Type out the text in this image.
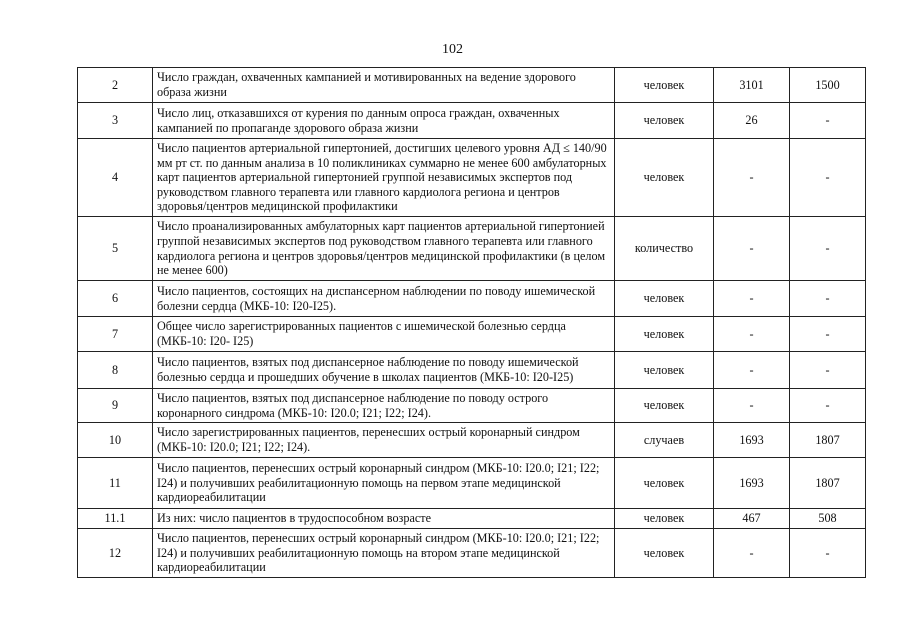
102
2	Число граждан, охваченных кампанией и мотивированных на ведение здорового образа жизни	человек	3101	1500
3	Число лиц, отказавшихся от курения по данным опроса граждан, охваченных кампанией по пропаганде здорового образа жизни	человек	26	-
4	Число пациентов артериальной гипертонией, достигших целевого уровня АД ≤ 140/90 мм рт ст. по данным анализа в 10 поликлиниках суммарно не менее 600 амбулаторных карт пациентов артериальной гипертонией группой независимых экспертов под руководством главного терапевта или главного кардиолога региона и центров здоровья/центров медицинской профилактики	человек	-	-
5	Число проанализированных амбулаторных карт пациентов артериальной гипертонией группой независимых экспертов под руководством главного терапевта или главного кардиолога региона и центров здоровья/центров медицинской профилактики (в целом не менее 600)	количество	-	-
6	Число пациентов, состоящих на диспансерном наблюдении по поводу ишемической болезни сердца (МКБ-10: I20-I25).	человек	-	-
7	Общее число зарегистрированных пациентов с ишемической болезнью сердца (МКБ-10: I20- I25)	человек	-	-
8	Число пациентов, взятых под диспансерное наблюдение по поводу ишемической болезнью сердца и прошедших обучение в школах пациентов (МКБ-10: I20-I25)	человек	-	-
9	Число пациентов, взятых под диспансерное наблюдение по поводу острого коронарного синдрома (МКБ-10: I20.0; I21; I22; I24).	человек	-	-
10	Число зарегистрированных пациентов, перенесших острый коронарный синдром (МКБ-10: I20.0; I21; I22; I24).	случаев	1693	1807
11	Число пациентов, перенесших острый коронарный синдром (МКБ-10: I20.0; I21; I22; I24) и получивших реабилитационную помощь на первом этапе медицинской кардиореабилитации	человек	1693	1807
11.1	Из них: число пациентов в трудоспособном возрасте	человек	467	508
12	Число пациентов, перенесших острый коронарный синдром (МКБ-10: I20.0; I21; I22; I24) и получивших реабилитационную помощь на втором этапе медицинской кардиореабилитации	человек	-	-
